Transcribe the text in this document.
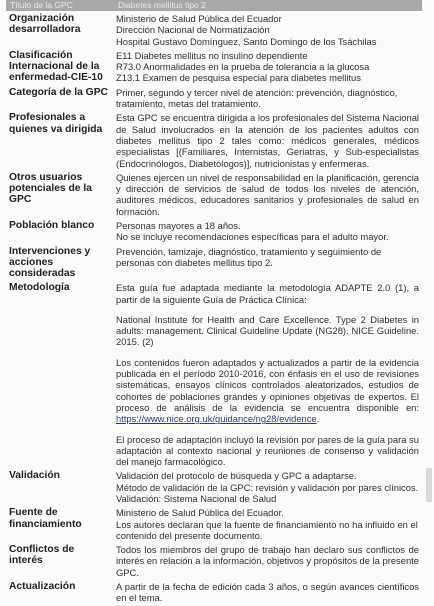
Título de la GPC	Diabetes mellitus tipo 2
Organización desarrolladora	Ministerio de Salud Pública del Ecuador
Dirección Nacional de Normatización
Hospital Gustavo Domínguez, Santo Domingo de los Tsáchilas

Clasificación Internacional de la enfermedad-CIE-10	E11 Diabetes mellitus no insulino dependiente
R73.0 Anormalidades en la prueba de tolerancia a la glucosa
Z13.1 Examen de pesquisa especial para diabetes mellitus

Categoría de la GPC	Primer, segundo y tercer nivel de atención: prevención, diagnóstico, tratamiento, metas del tratamiento.

Profesionales a quienes va dirigida	Esta GPC se encuentra dirigida a los profesionales del Sistema Nacional de Salud involucrados en la atención de los pacientes adultos con diabetes mellitus tipo 2 tales como: médicos generales, médicos especialistas [(Familiares, Internistas, Geriatras, y Sub-especialistas (Endocrinólogos, Diabetólogos)], nutricionistas y enfermeras.

Otros usuarios potenciales de la GPC	Quienes ejercen un nivel de responsabilidad en la planificación, gerencia y dirección de servicios de salud de todos los niveles de atención, auditores médicos, educadores sanitarios y profesionales de salud en formación.

Población blanco	Personas mayores a 18 años.
No se incluye recomendaciones específicas para el adulto mayor.

Intervenciones y acciones consideradas	Prevención, tamizaje, diagnóstico, tratamiento y seguimiento de personas con diabetes mellitus tipo 2.

Metodología	Esta guía fue adaptada mediante la metodología ADAPTE 2.0 (1), a partir de la siguiente Guía de Práctica Clínica:
National Institute for Health and Care Excellence. Type 2 Diabetes in adults: management. Clinical Guideline Update (NG28). NICE Guideline. 2015. (2)
Los contenidos fueron adaptados y actualizados a partir de la evidencia publicada en el período 2010-2016, con énfasis en el uso de revisiones sistemáticas, ensayos clínicos controlados aleatorizados, estudios de cohortes de poblaciones grandes y opiniones objetivas de expertos. El proceso de análisis de la evidencia se encuentra disponible en: https://www.nice.org.uk/guidance/ng28/evidence.
El proceso de adaptación incluyó la revisión por pares de la guía para su adaptación al contexto nacional y reuniones de consenso y validación del manejo farmacológico.

Validación	Validación del protocolo de búsqueda y GPC a adaptarse.
Método de validación de la GPC: revisión y validación por pares clínicos.
Validación: Sistema Nacional de Salud

Fuente de financiamiento	Ministerio de Salud Pública del Ecuador.
Los autores declaran que la fuente de financiamiento no ha influido en el contenido del presente documento.

Conflictos de interés	Todos los miembros del grupo de trabajo han declaro sus conflictos de interés en relación a la información, objetivos y propósitos de la presente GPC.

Actualización	A partir de la fecha de edición cada 3 años, o según avances científicos en el tema.
